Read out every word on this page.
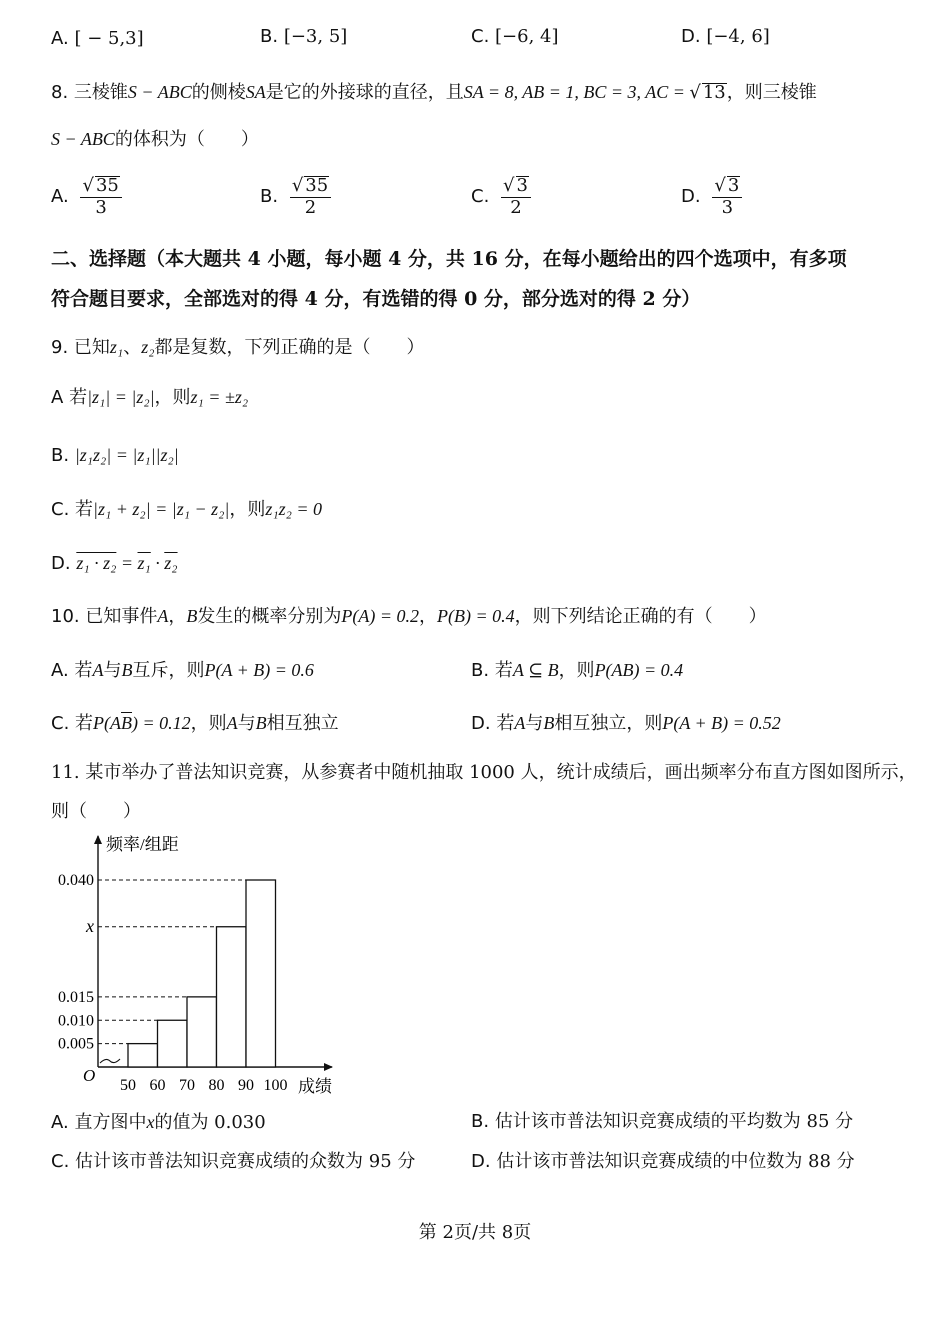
A. [ − 5,3]	B. [−3, 5]	C. [−6, 4]	D. [−4, 6]
8. 三棱锥S − ABC的侧棱SA是它的外接球的直径，且SA = 8, AB = 1, BC = 3, AC = √ 13，则三棱锥
S − ABC的体积为（　　）
A. $\frac{√ 35}{3}$	B. $\frac{√ 35}{2}$	C. $\frac{√ 3}{2}$	D. $\frac{√ 3}{3}$
二、选择题（本大题共 4 小题，每小题 4 分，共 16 分，在每小题给出的四个选项中，有多项
符合题目要求，全部选对的得 4 分，有选错的得 0 分，部分选对的得 2 分）
9. 已知z₁、z₂都是复数，下列正确的是（　　）
A 若|z₁| = |z₂|，则z₁ = ±z₂
B. |z₁z₂| = |z₁||z₂|
C. 若|z₁ + z₂| = |z₁ − z₂|，则z₁z₂ = 0
D. z₁ · z₂ = z₁ · z₂
10. 已知事件A，B发生的概率分别为P(A) = 0.2，P(B) = 0.4，则下列结论正确的有（　　）
A. 若A与B互斥，则P(A + B) = 0.6	B. 若A ⊆ B，则P(AB) = 0.4
C. 若$P(A\overline{B}) = 0.12$，则A与B相互独立	D. 若A与B相互独立，则P(A + B) = 0.52
11. 某市举办了普法知识竞赛，从参赛者中随机抽取 1000 人，统计成绩后，画出频率分布直方图如图所示，
则（　　）
频率/组距
成绩
O
0.005
0.010
0.015
x
0.040
50 60 70 80 90 100
A. 直方图中x的值为 0.030	B. 估计该市普法知识竞赛成绩的平均数为 85 分
C. 估计该市普法知识竞赛成绩的众数为 95 分	D. 估计该市普法知识竞赛成绩的中位数为 88 分
第 2页/共 8页
